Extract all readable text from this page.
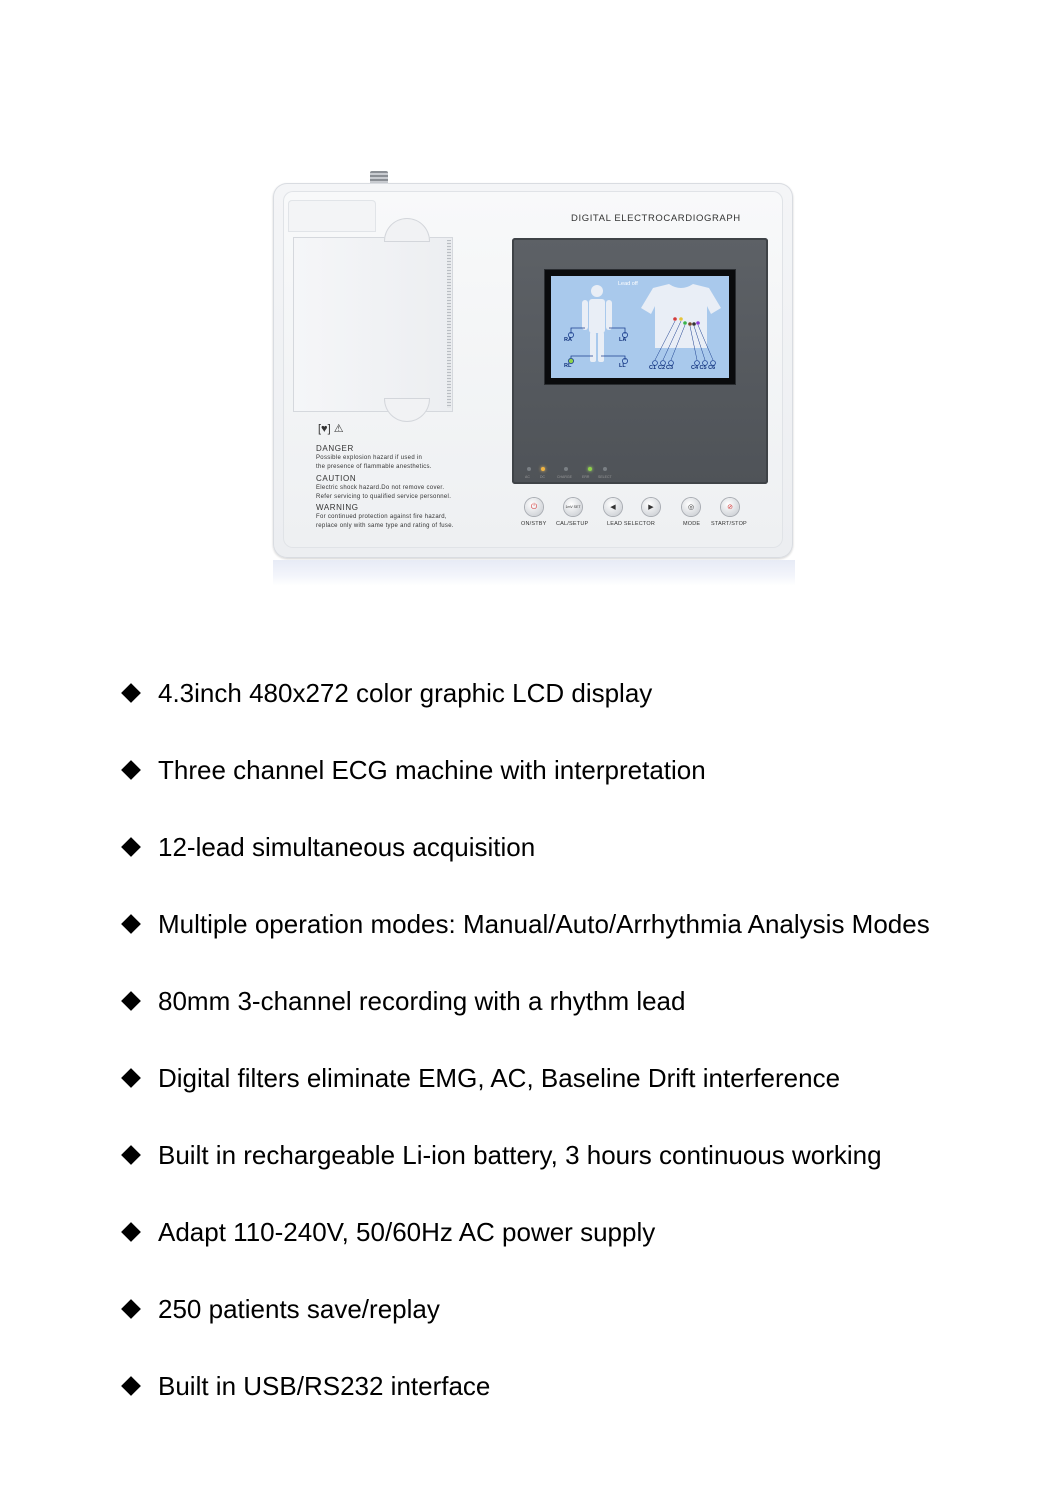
[♥] ⚠
DANGER
Possible explosion hazard if used in
the presence of flammable anesthetics.
CAUTION
Electric shock hazard.Do not remove cover.
Refer servicing to qualified service personnel.
WARNING
For continued protection against fire hazard,
replace only with same type and rating of fuse.
DIGITAL ELECTROCARDIOGRAPH
Lead off
RA	LA
RL	LL	C1 C2 C3	C4 C5 C6
AC	DC	CHARGE	ERR SELECT
⏻	1mV SET	◀	▶	◎	⊘
ON/STBY CAL/SETUP	LEAD SELECTOR	MODE START/STOP
4.3inch 480x272 color graphic LCD display
Three channel ECG machine with interpretation
12-lead simultaneous acquisition
Multiple operation modes: Manual/Auto/Arrhythmia Analysis Modes
80mm 3-channel recording with a rhythm lead
Digital filters eliminate EMG, AC, Baseline Drift interference
Built in rechargeable Li-ion battery, 3 hours continuous working
Adapt 110-240V, 50/60Hz AC power supply
250 patients save/replay
Built in USB/RS232 interface
